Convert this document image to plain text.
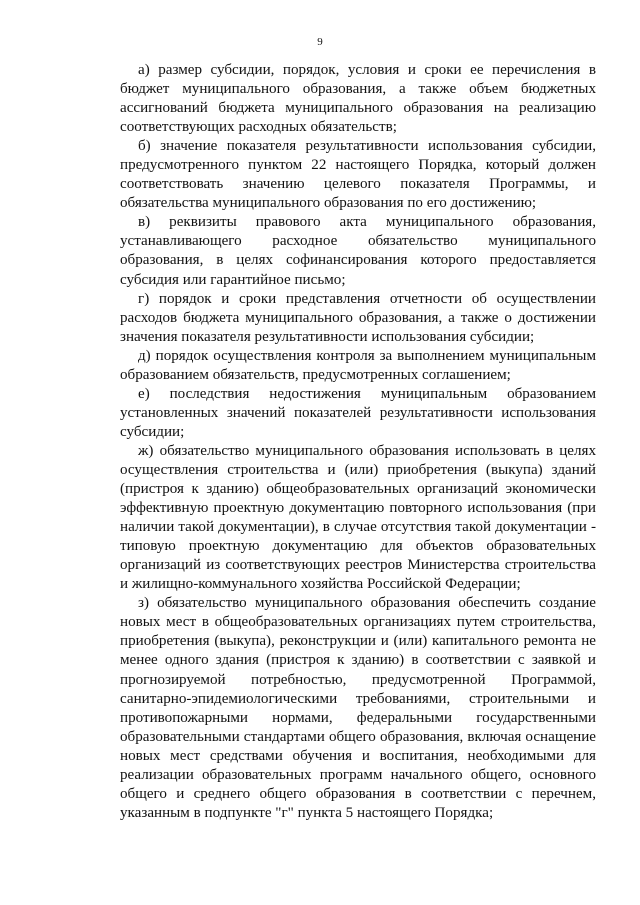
9

а) размер субсидии, порядок, условия и сроки ее перечисления в бюджет муниципального образования, а также объем бюджетных ассигнований бюджета муниципального образования на реализацию соответствующих расходных обязательств;

б) значение показателя результативности использования субсидии, предусмотренного пунктом 22 настоящего Порядка, который должен соответствовать значению целевого показателя Программы, и обязательства муниципального образования по его достижению;

в) реквизиты правового акта муниципального образования, устанавливающего расходное обязательство муниципального образования, в целях софинансирования которого предоставляется субсидия или гарантийное письмо;

г) порядок и сроки представления отчетности об осуществлении расходов бюджета муниципального образования, а также о достижении значения показателя результативности использования субсидии;

д) порядок осуществления контроля за выполнением муниципальным образованием обязательств, предусмотренных соглашением;

е) последствия недостижения муниципальным образованием установленных значений показателей результативности использования субсидии;

ж) обязательство муниципального образования использовать в целях осуществления строительства и (или) приобретения (выкупа) зданий (пристроя к зданию) общеобразовательных организаций экономически эффективную проектную документацию повторного использования (при наличии такой документации), в случае отсутствия такой документации - типовую проектную документацию для объектов образовательных организаций из соответствующих реестров Министерства строительства и жилищно-коммунального хозяйства Российской Федерации;

з) обязательство муниципального образования обеспечить создание новых мест в общеобразовательных организациях путем строительства, приобретения (выкупа), реконструкции и (или) капитального ремонта не менее одного здания (пристроя к зданию) в соответствии с заявкой и прогнозируемой потребностью, предусмотренной Программой, санитарно-эпидемиологическими требованиями, строительными и противопожарными нормами, федеральными государственными образовательными стандартами общего образования, включая оснащение новых мест средствами обучения и воспитания, необходимыми для реализации образовательных программ начального общего, основного общего и среднего общего образования в соответствии с перечнем, указанным в подпункте "г" пункта 5 настоящего Порядка;
